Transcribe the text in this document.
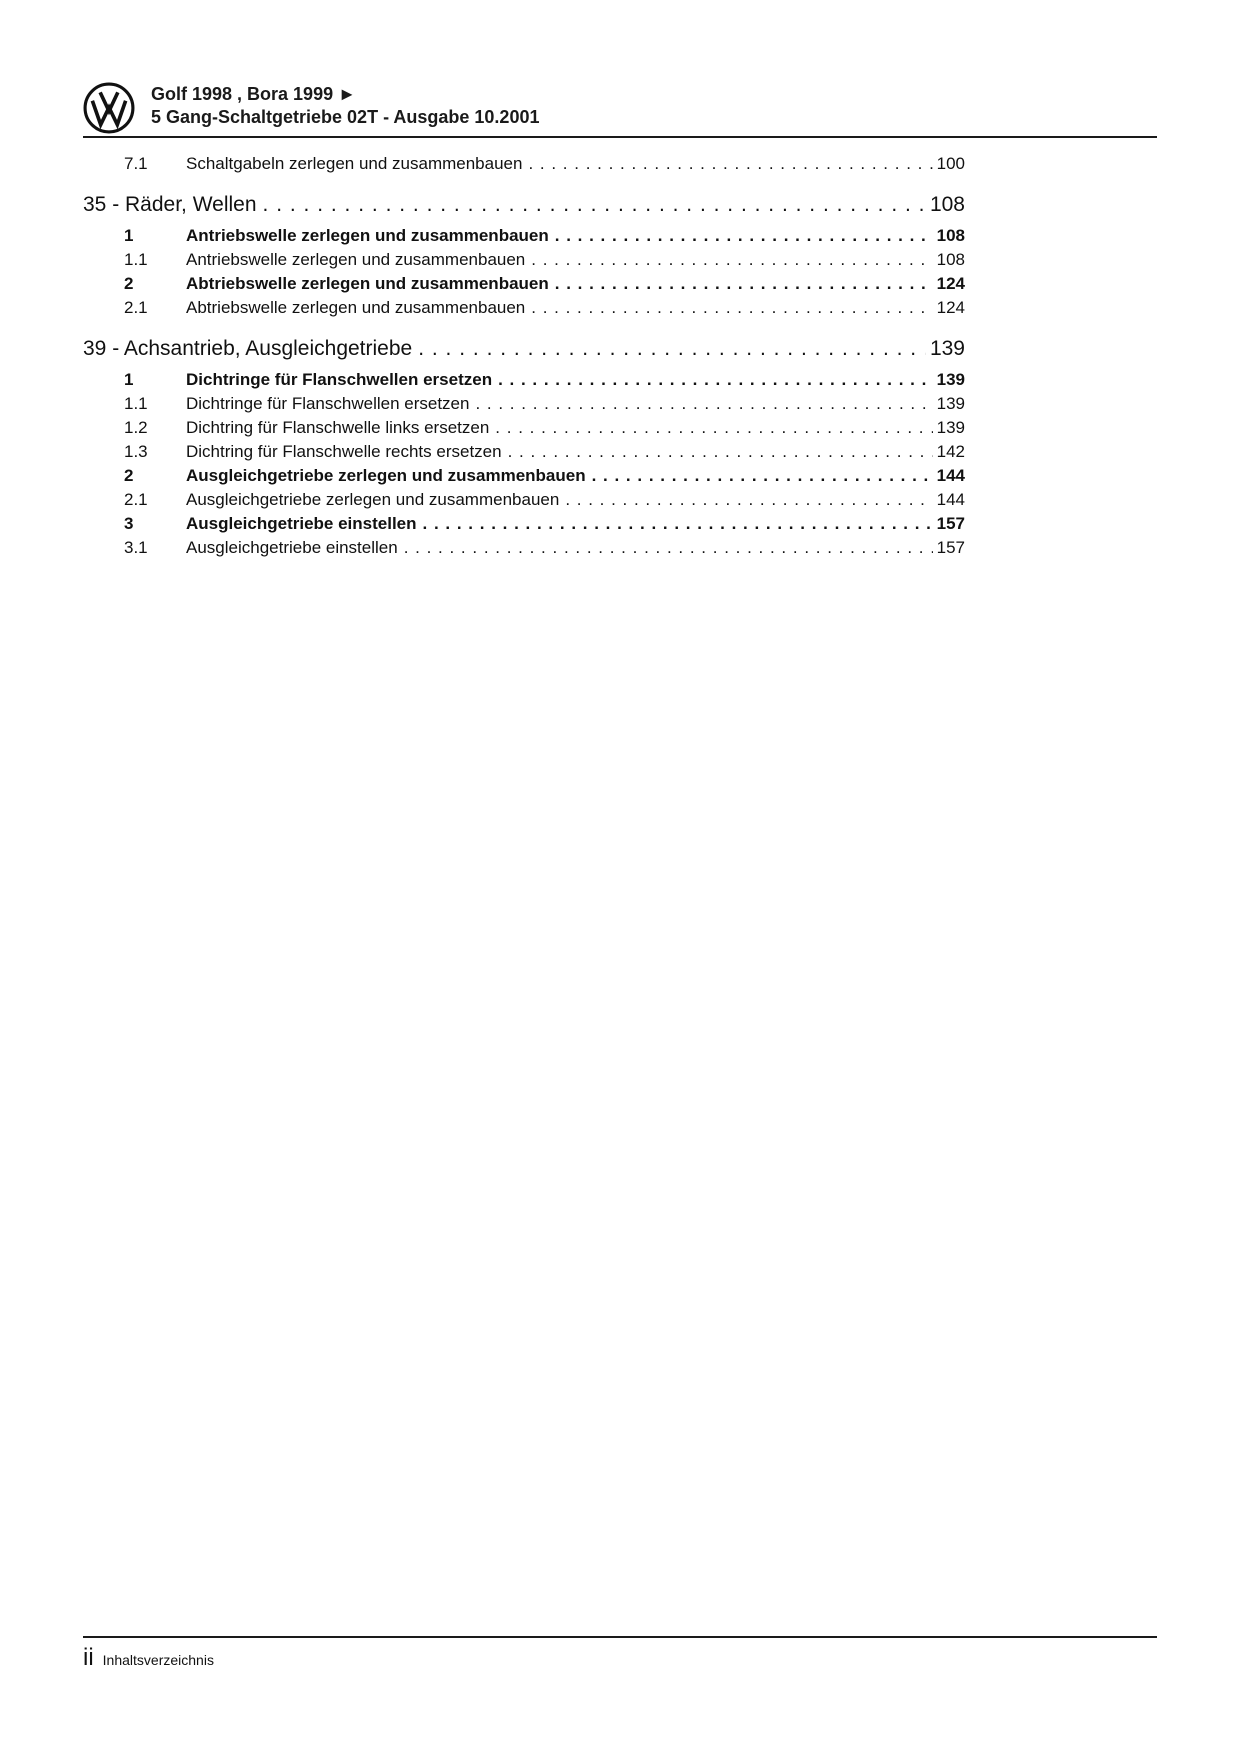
Golf 1998 , Bora 1999 ►
5 Gang-Schaltgetriebe 02T - Ausgabe 10.2001
7.1	Schaltgabeln zerlegen und zusammenbauen . . .	100
35 - Räder, Wellen . . .	108
1	Antriebswelle zerlegen und zusammenbauen . . .	108
1.1	Antriebswelle zerlegen und zusammenbauen . . .	108
2	Abtriebswelle zerlegen und zusammenbauen . . .	124
2.1	Abtriebswelle zerlegen und zusammenbauen . . .	124
39 - Achsantrieb, Ausgleichgetriebe . . .	139
1	Dichtringe für Flanschwellen ersetzen . . .	139
1.1	Dichtringe für Flanschwellen ersetzen . . .	139
1.2	Dichtring für Flanschwelle links ersetzen . . .	139
1.3	Dichtring für Flanschwelle rechts ersetzen . . .	142
2	Ausgleichgetriebe zerlegen und zusammenbauen . . .	144
2.1	Ausgleichgetriebe zerlegen und zusammenbauen . . .	144
3	Ausgleichgetriebe einstellen . . .	157
3.1	Ausgleichgetriebe einstellen . . .	157
ii Inhaltsverzeichnis
